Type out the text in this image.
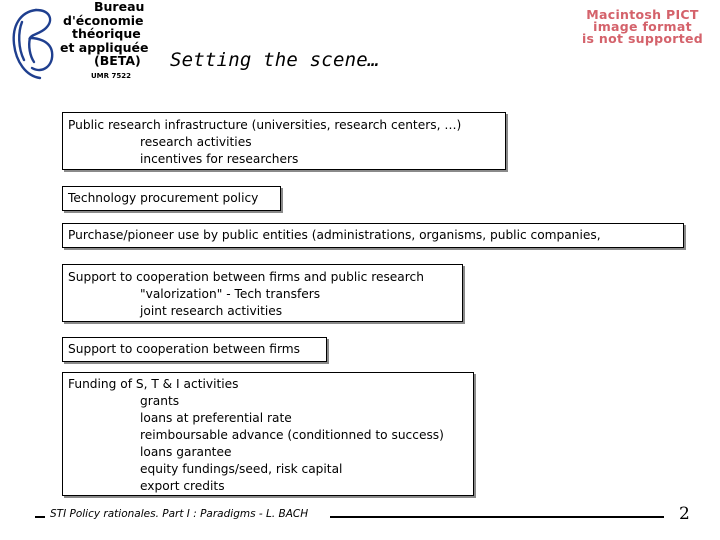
Bureau
d'économie
théorique
et appliquée
(BETA)
UMR 7522
Macintosh PICT
image format
is not supported
Setting the scene…
Public research infrastructure (universities, research centers, …)
research activities
incentives for researchers
Technology procurement policy
Purchase/pioneer use by public entities (administrations, organisms, public companies,
Support to cooperation between firms and public research
"valorization" - Tech transfers
joint research activities
Support to cooperation between firms
Funding of S, T & I activities
grants
loans at preferential rate
reimboursable advance (conditionned to success)
loans garantee
equity fundings/seed, risk capital
export credits
STI Policy rationales. Part I : Paradigms - L. BACH	2
